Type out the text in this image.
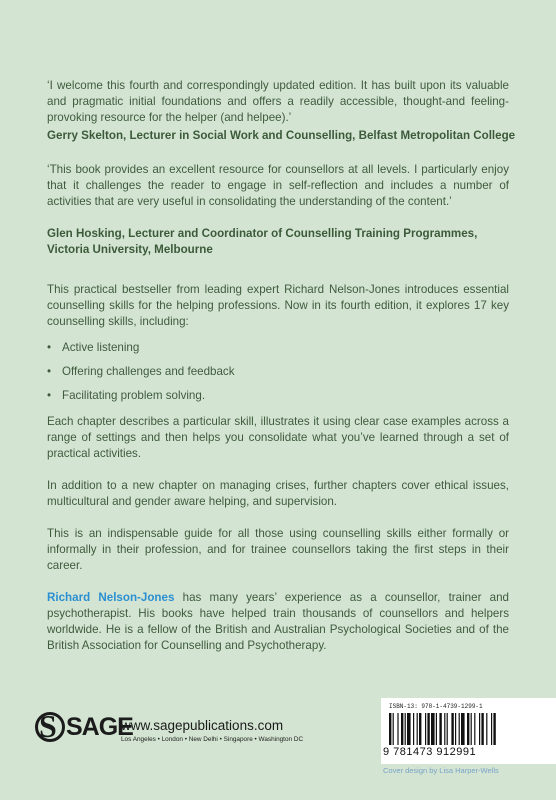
‘I welcome this fourth and correspondingly updated edition. It has built upon its valuable and pragmatic initial foundations and offers a readily accessible, thought-and feeling-provoking resource for the helper (and helpee).’
Gerry Skelton, Lecturer in Social Work and Counselling, Belfast Metropolitan College
‘This book provides an excellent resource for counsellors at all levels. I particularly enjoy that it challenges the reader to engage in self-reflection and includes a number of activities that are very useful in consolidating the understanding of the content.’
Glen Hosking, Lecturer and Coordinator of Counselling Training Programmes, Victoria University, Melbourne
This practical bestseller from leading expert Richard Nelson-Jones introduces essential counselling skills for the helping professions. Now in its fourth edition, it explores 17 key counselling skills, including:
• Active listening
• Offering challenges and feedback
• Facilitating problem solving.
Each chapter describes a particular skill, illustrates it using clear case examples across a range of settings and then helps you consolidate what you’ve learned through a set of practical activities.
In addition to a new chapter on managing crises, further chapters cover ethical issues, multicultural and gender aware helping, and supervision.
This is an indispensable guide for all those using counselling skills either formally or informally in their profession, and for trainee counsellors taking the first steps in their career.
Richard Nelson-Jones has many years’ experience as a counsellor, trainer and psychotherapist. His books have helped train thousands of counsellors and helpers worldwide. He is a fellow of the British and Australian Psychological Societies and of the British Association for Counselling and Psychotherapy.
S SAGE
www.sagepublications.com
Los Angeles • London • New Delhi • Singapore • Washington DC
ISBN-13: 978-1-4739-1299-1
9 781473 912991
Cover design by Lisa Harper-Wells
